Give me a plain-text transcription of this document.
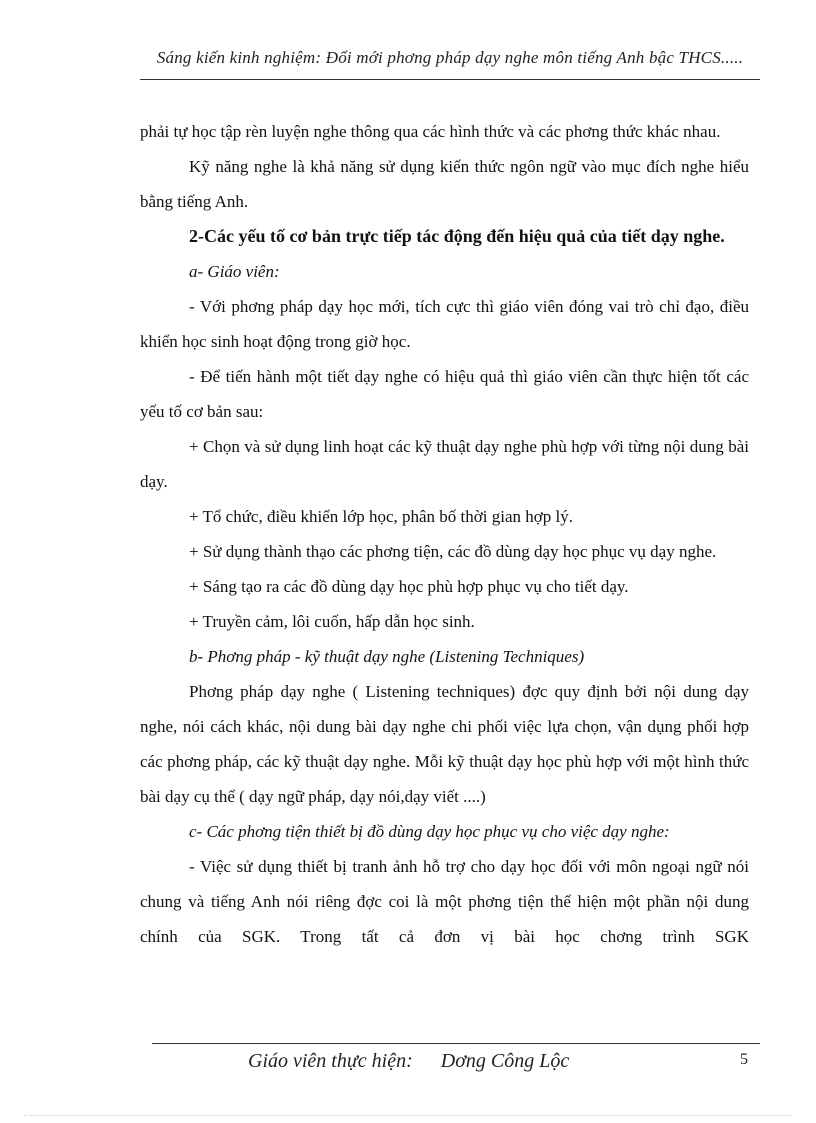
Sáng kiến kinh nghiệm: Đổi mới phơng pháp dạy nghe môn tiếng Anh bậc THCS.....

phải tự học tập rèn luyện nghe thông qua các hình thức và các phơng thức khác nhau.

Kỹ năng nghe là khả năng sử dụng kiến thức ngôn ngữ vào mục đích nghe hiểu bằng tiếng Anh.

2-Các yếu tố cơ bản trực tiếp tác động đến hiệu quả của tiết dạy nghe.

a- Giáo viên:

- Với phơng pháp dạy học mới, tích cực thì giáo viên đóng vai trò chỉ đạo, điều khiển học sinh hoạt động trong giờ học.

- Để tiến hành một tiết dạy nghe có hiệu quả thì giáo viên cần thực hiện tốt các yếu tố cơ bản sau:

+ Chọn và sử dụng linh hoạt các kỹ thuật dạy nghe phù hợp với từng nội dung bài dạy.

+ Tổ chức, điều khiển lớp học, phân bố thời gian hợp lý.

+ Sử dụng thành thạo các phơng tiện, các đồ dùng dạy học phục vụ dạy nghe.

+ Sáng tạo ra các đồ dùng dạy học phù hợp phục vụ cho tiết dạy.

+ Truyền cảm, lôi cuốn, hấp dẫn học sinh.

b- Phơng pháp - kỹ thuật dạy nghe (Listening Techniques)

Phơng pháp dạy nghe ( Listening techniques) đợc quy định bởi nội dung dạy nghe, nói cách khác, nội dung bài dạy nghe chi phối việc lựa chọn, vận dụng phối hợp các phơng pháp, các kỹ thuật dạy nghe. Mỗi kỹ thuật dạy học phù hợp với một hình thức bài dạy cụ thể ( dạy ngữ pháp, dạy nói,dạy viết ....)

c- Các phơng tiện thiết bị đồ dùng dạy học phục vụ cho việc dạy nghe:

- Việc sử dụng thiết bị tranh ảnh hỗ trợ cho dạy học đối với môn ngoại ngữ nói chung và tiếng Anh nói riêng đợc coi là một phơng tiện thể hiện một phần nội dung chính của SGK. Trong tất cả đơn vị bài học chơng trình SGK

Giáo viên thực hiện: Dơng Công Lộc	5
